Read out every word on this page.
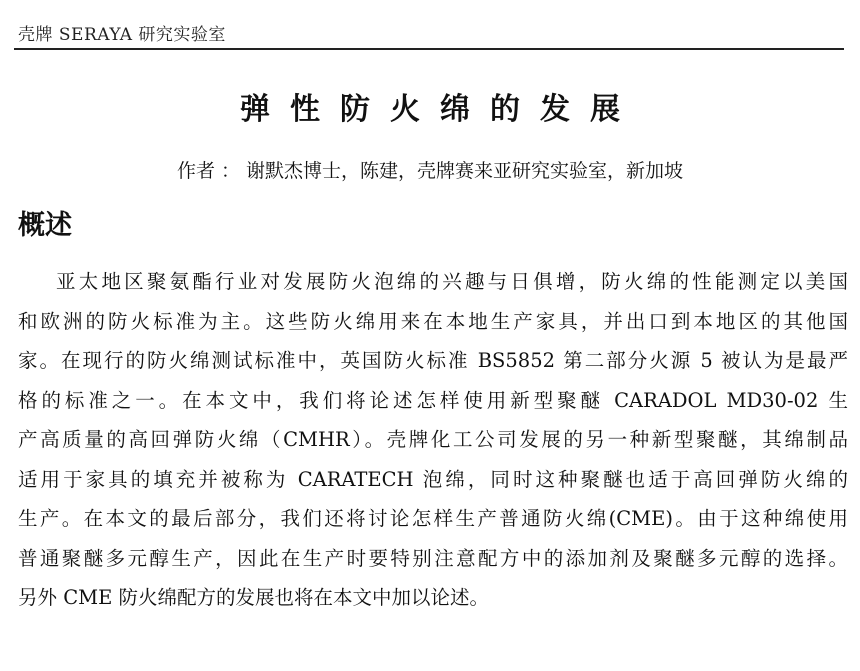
壳牌 SERAYA 研究实验室
弹性防火绵的发展
作者 ： 谢默杰博士，陈建，壳牌赛来亚研究实验室，新加坡
概述
亚太地区聚氨酯行业对发展防火泡绵的兴趣与日俱增，防火绵的性能测定以美国
和欧洲的防火标准为主。这些防火绵用来在本地生产家具，并出口到本地区的其他国
家。在现行的防火绵测试标准中，英国防火标准 BS5852 第二部分火源 5 被认为是最严
格的标准之一。在本文中，我们将论述怎样使用新型聚醚 CARADOL MD30-02 生
产高质量的高回弹防火绵（CMHR）。壳牌化工公司发展的另一种新型聚醚，其绵制品
适用于家具的填充并被称为 CARATECH 泡绵，同时这种聚醚也适于高回弹防火绵的
生产。在本文的最后部分，我们还将讨论怎样生产普通防火绵(CME)。由于这种绵使用
普通聚醚多元醇生产，因此在生产时要特别注意配方中的添加剂及聚醚多元醇的选择。
另外 CME 防火绵配方的发展也将在本文中加以论述。
